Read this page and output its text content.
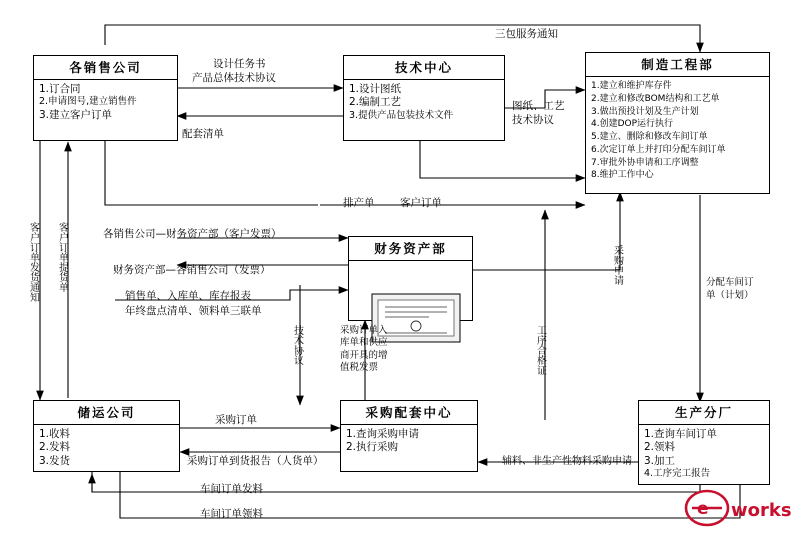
各销售公司
1.订合同
2.申请图号,建立销售件
3.建立客户订单
技术中心
1.设计图纸
2.编制工艺
3.提供产品包装技术文件
制造工程部
1.建立和维护库存件
2.建立和修改BOM结构和工艺单
3.做出预投计划及生产计划
4.创建DOP运行执行
5.建立、删除和修改车间订单
6.次定订单上并打印分配车间订单
7.审批外协申请和工序调整
8.维护工作中心
财务资产部
储运公司
1.收料
2.发料
3.发货
采购配套中心
1.查询采购申请
2.执行采购
生产分厂
1.查询车间订单
2.领料
3.加工
4.工序完工报告
设计任务书
产品总体技术协议
三包服务通知
图纸、工艺
技术协议
配套清单
排产单 客户订单
各销售公司—财务资产部（客户发票）
财务资产部—各销售公司（发票）
销售单、入库单、库存报表
年终盘点清单、领料单三联单
客户订单发货通知 客户订单提货单
技术协议	采购订单入库单和供应商开具的增值税发票	工序合格证
采购申请	分配车间订单（计划）
采购订单
采购订单到货报告（人货单）	辅料、非生产性物料采购申请
车间订单发料
车间订单领料	e works
